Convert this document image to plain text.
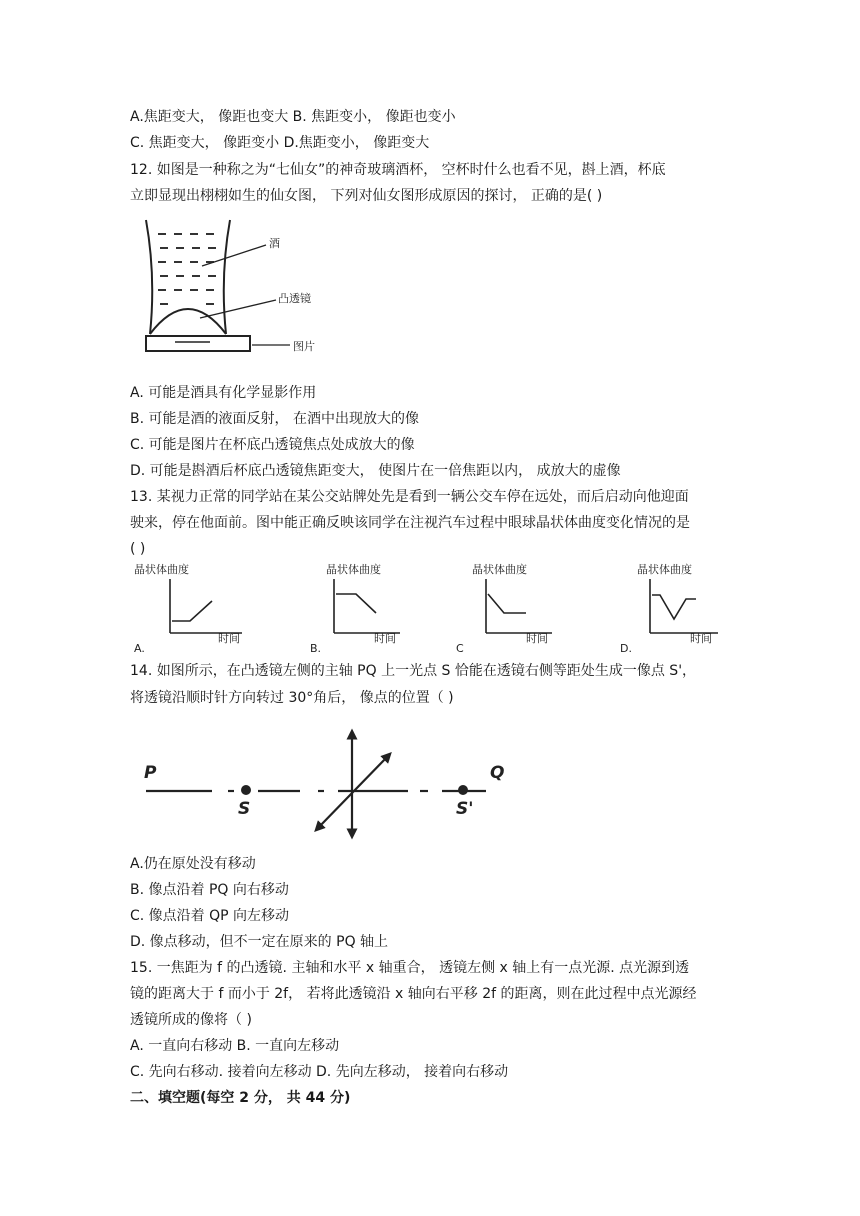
A.焦距变大， 像距也变大 B. 焦距变小， 像距也变小
C. 焦距变大， 像距变小 D.焦距变小， 像距变大
12. 如图是一种称之为“七仙女”的神奇玻璃酒杯， 空杯时什么也看不见，斟上酒，杯底
立即显现出栩栩如生的仙女图， 下列对仙女图形成原因的探讨， 正确的是( )
酒
凸透镜
图片
A. 可能是酒具有化学显影作用
B. 可能是酒的液面反射， 在酒中出现放大的像
C. 可能是图片在杯底凸透镜焦点处成放大的像
D. 可能是斟酒后杯底凸透镜焦距变大， 使图片在一倍焦距以内， 成放大的虚像
13. 某视力正常的同学站在某公交站牌处先是看到一辆公交车停在远处，而后启动向他迎面
驶来，停在他面前。图中能正确反映该同学在注视汽车过程中眼球晶状体曲度变化情况的是
( )
晶状体曲度
时间
A.
晶状体曲度
时间
B.
晶状体曲度
时间
C
晶状体曲度
时间
D.
14. 如图所示，在凸透镜左侧的主轴 PQ 上一光点 S 恰能在透镜右侧等距处生成一像点 S'，
将透镜沿顺时针方向转过 30°角后， 像点的位置（ )
P	Q
S	S'
A.仍在原处没有移动
B. 像点沿着 PQ 向右移动
C. 像点沿着 QP 向左移动
D. 像点移动，但不一定在原来的 PQ 轴上
15. 一焦距为 f 的凸透镜. 主轴和水平 x 轴重合， 透镜左侧 x 轴上有一点光源. 点光源到透
镜的距离大于 f 而小于 2f， 若将此透镜沿 x 轴向右平移 2f 的距离，则在此过程中点光源经
透镜所成的像将（ )
A. 一直向右移动 B. 一直向左移动
C. 先向右移动. 接着向左移动 D. 先向左移动， 接着向右移动
二、填空题(每空 2 分， 共 44 分)
